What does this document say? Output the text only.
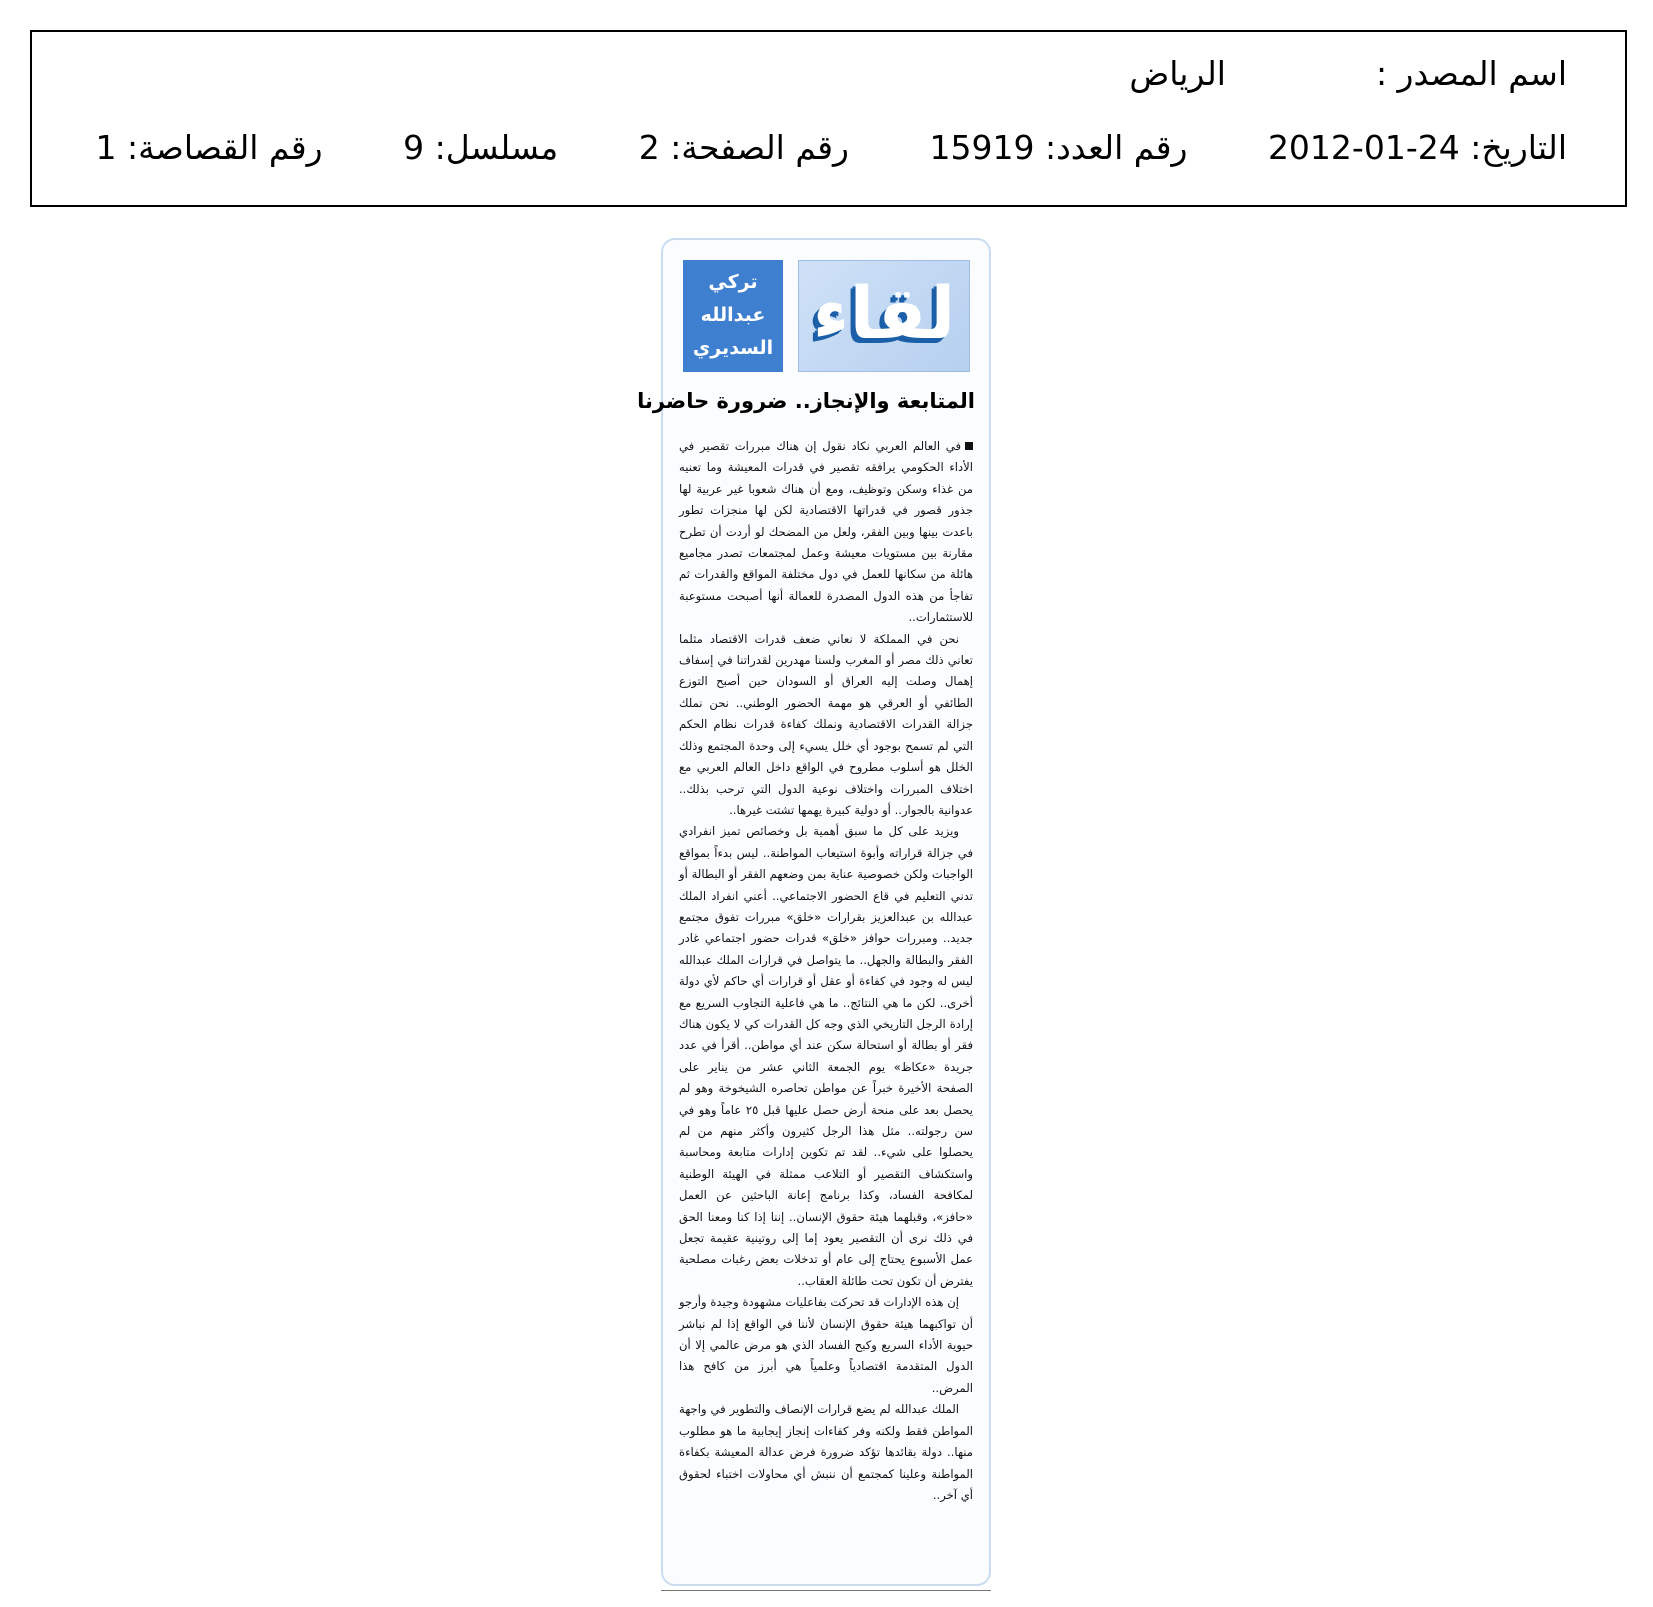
اسم المصدر :الرياض
التاريخ: 2012-01-24 رقم العدد: 15919 رقم الصفحة: 2 مسلسل: 9 رقم القصاصة: 1
لقاء
تركي
عبدالله
السديري
المتابعة والإنجاز.. ضرورة حاضرنا

في العالم العربي نكاد نقول إن هناك مبررات تقصير في الأداء الحكومي يرافقه تقصير في قدرات المعيشة وما تعنيه من غذاء وسكن وتوظيف، ومع أن هناك شعوبا غير عربية لها جذور قصور في قدراتها الاقتصادية لكن لها منجزات تطور باعدت بينها وبين الفقر، ولعل من المضحك لو أردت أن تطرح مقارنة بين مستويات معيشة وعمل لمجتمعات تصدر مجاميع هائلة من سكانها للعمل في دول مختلفة المواقع والقدرات ثم تفاجأ من هذه الدول المصدرة للعمالة أنها أصبحت مستوعبة للاستثمارات..

نحن في المملكة لا نعاني ضعف قدرات الاقتصاد مثلما تعاني ذلك مصر أو المغرب ولسنا مهدرين لقدراتنا في إسفاف إهمال وصلت إليه العراق أو السودان حين أصبح التوزع الطائفي أو العرقي هو مهمة الحضور الوطني.. نحن نملك جزالة القدرات الاقتصادية ونملك كفاءة قدرات نظام الحكم التي لم تسمح بوجود أي خلل يسيء إلى وحدة المجتمع وذلك الخلل هو أسلوب مطروح في الواقع داخل العالم العربي مع اختلاف المبررات واختلاف نوعية الدول التي ترحب بذلك.. عدوانية بالجوار.. أو دولية كبيرة يهمها تشتت غيرها..

ويزيد على كل ما سبق أهمية بل وخصائص تميز انفرادي في جزالة قراراته وأبوة استيعاب المواطنة.. ليس بدءاً بمواقع الواجبات ولكن خصوصية عناية بمن وضعهم الفقر أو البطالة أو تدني التعليم في قاع الحضور الاجتماعي.. أعني انفراد الملك عبدالله بن عبدالعزيز بقرارات «خلق» مبررات تفوق مجتمع جديد.. ومبررات حوافز «خلق» قدرات حضور اجتماعي غادر الفقر والبطالة والجهل.. ما يتواصل في قرارات الملك عبدالله ليس له وجود في كفاءة أو عقل أو قرارات أي حاكم لأي دولة أخرى.. لكن ما هي النتائج.. ما هي فاعلية التجاوب السريع مع إرادة الرجل التاريخي الذي وجه كل القدرات كي لا يكون هناك فقر أو بطالة أو استحالة سكن عند أي مواطن.. أقرأ في عدد جريدة «عكاظ» يوم الجمعة الثاني عشر من يناير على الصفحة الأخيرة خبراً عن مواطن تحاصره الشيخوخة وهو لم يحصل بعد على منحة أرض حصل عليها قبل ٢٥ عاماً وهو في سن رجولته.. مثل هذا الرجل كثيرون وأكثر منهم من لم يحصلوا على شيء.. لقد تم تكوين إدارات متابعة ومحاسبة واستكشاف التقصير أو التلاعب ممثلة في الهيئة الوطنية لمكافحة الفساد، وكذا برنامج إعانة الباحثين عن العمل «حافز»، وقبلهما هيئة حقوق الإنسان.. إننا إذا كنا ومعنا الحق في ذلك نرى أن التقصير يعود إما إلى روتينية عقيمة تجعل عمل الأسبوع يحتاج إلى عام أو تدخلات بعض رغبات مصلحية يفترض أن تكون تحت طائلة العقاب..

إن هذه الإدارات قد تحركت بفاعليات مشهودة وجيدة وأرجو أن تواكبهما هيئة حقوق الإنسان لأننا في الواقع إذا لم نباشر حيوية الأداء السريع وكبح الفساد الذي هو مرض عالمي إلا أن الدول المتقدمة اقتصادياً وعلمياً هي أبرز من كافح هذا المرض..

الملك عبدالله لم يضع قرارات الإنصاف والتطوير في واجهة المواطن فقط ولكنه وفر كفاءات إنجاز إيجابية ما هو مطلوب منها.. دولة بقائدها تؤكد ضرورة فرض عدالة المعيشة بكفاءة المواطنة وعلينا كمجتمع أن ننبش أي محاولات اختباء لحقوق أي آخر..
